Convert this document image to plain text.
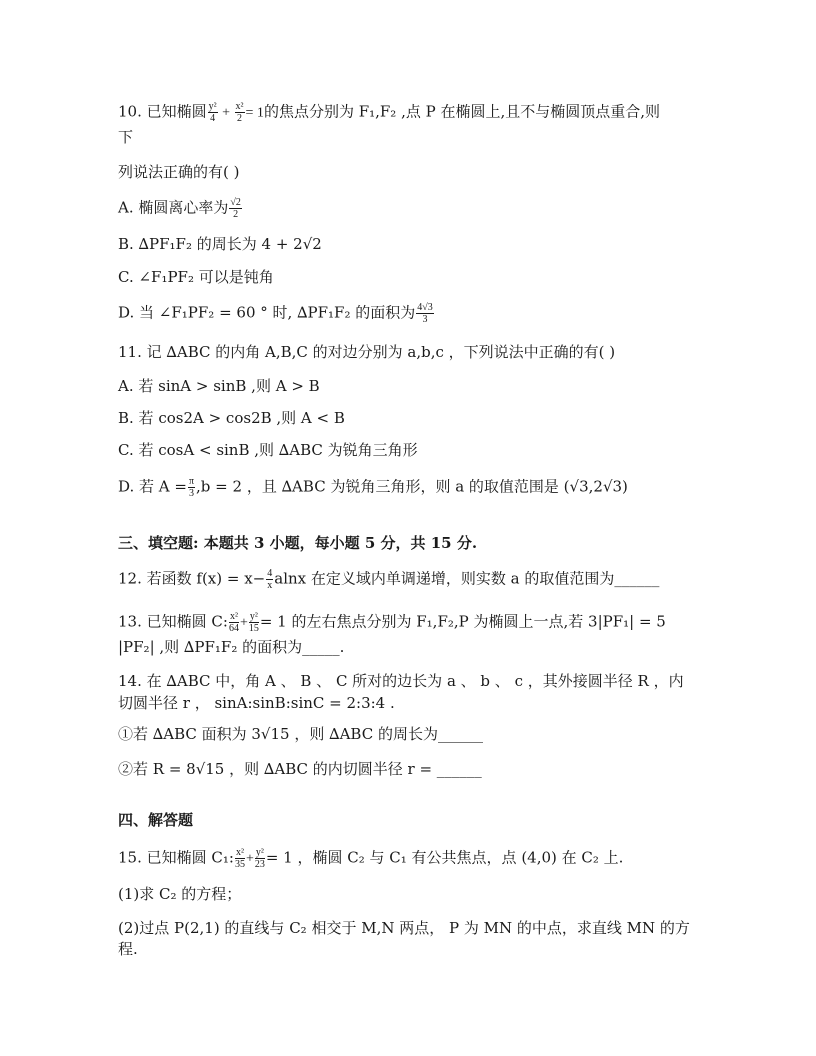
10. 已知椭圆 $\frac{\text{y²}}{4} + \frac{\text{x²}}{2} = 1$的焦点分别为 F₁,F₂ ,点 P 在椭圆上,且不与椭圆顶点重合,则
下
列说法正确的有( )
A. 椭圆离心率为 $\frac{√2}{2}$
B. ∆PF₁F₂ 的周长为 4 + 2√2
C. ∠F₁PF₂ 可以是钝角
D. 当 ∠F₁PF₂ = 60 ° 时, ∆PF₁F₂ 的面积为 $\frac{4√3}{3}$
11. 记 ∆ABC 的内角 A,B,C 的对边分别为 a,b,c ，下列说法中正确的有( )
A. 若 sinA > sinB ,则 A > B
B. 若 cos2A > cos2B ,则 A < B
C. 若 cosA < sinB ,则 ∆ABC 为锐角三角形
D. 若 $A = \frac{\pi}{3} ,b = 2$ ，且 ∆ABC 为锐角三角形，则 a 的取值范围是 (√3,2√3)
三、填空题: 本题共 3 小题，每小题 5 分，共 15 分.
12. 若函数 $f(x) = x- \frac{4}{x}$ alnx 在定义域内单调递增，则实数 a 的取值范围为______
13. 已知椭圆 C: $\frac{\text{x²}}{64} + \frac{\text{y²}}{15} = 1$ 的左右焦点分别为 F₁,F₂,P 为椭圆上一点,若 3|PF₁| = 5
|PF₂| ,则 ∆PF₁F₂ 的面积为_____.
14. 在 ∆ABC 中，角 A 、 B 、 C 所对的边长为 a 、 b 、 c ，其外接圆半径 R ，内
切圆半径 r ， sinA:sinB:sinC = 2:3:4 .
①若 ∆ABC 面积为 3√15 ，则 ∆ABC 的周长为______
②若 R = 8√15 ，则 ∆ABC 的内切圆半径 r = ______
四、解答题
15. 已知椭圆 C₁: $\frac{\text{x²}}{35} + \frac{\text{y²}}{23} = 1$ ，椭圆 C₂ 与 C₁ 有公共焦点，点 (4,0) 在 C₂ 上.
(1)求 C₂ 的方程；
(2)过点 P(2,1) 的直线与 C₂ 相交于 M,N 两点， P 为 MN 的中点，求直线 MN 的方
程.
